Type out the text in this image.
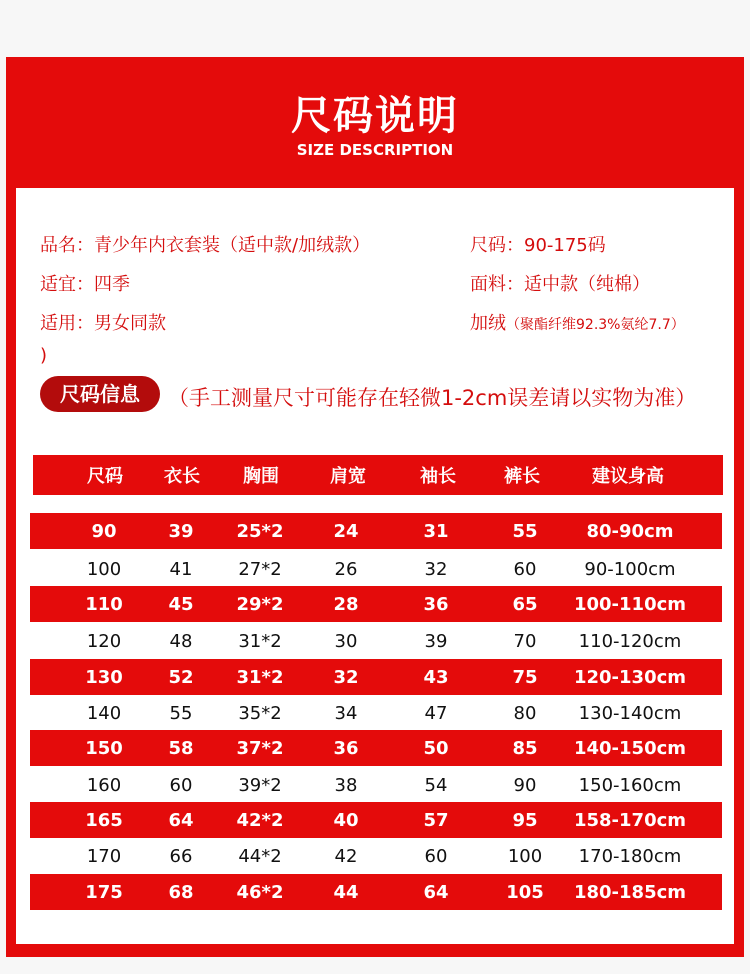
尺码说明
SIZE DESCRIPTION
品名：青少年内衣套装（适中款/加绒款）	尺码：90-175码
适宜：四季	面料：适中款（纯棉）
适用：男女同款	加绒（聚酯纤维92.3%氨纶7.7）
)
尺码信息	（手工测量尺寸可能存在轻微1-2cm误差请以实物为准）
尺码 衣长 胸围	肩宽	袖长	裤长	建议身高
90	39 25*2	24	31	55	80-90cm
100	41	27*2	26	32	60	90-100cm
110	45 29*2	28	36	65 100-110cm
120	48	31*2	30	39	70 110-120cm
130	52 31*2	32	43	75 120-130cm
140	55	35*2	34	47	80 130-140cm
150	58 37*2	36	50	85 140-150cm
160	60	39*2	38	54	90 150-160cm
165	64 42*2	40	57	95 158-170cm
170	66	44*2	42	60	100 170-180cm
175	68 46*2	44	64	105 180-185cm
